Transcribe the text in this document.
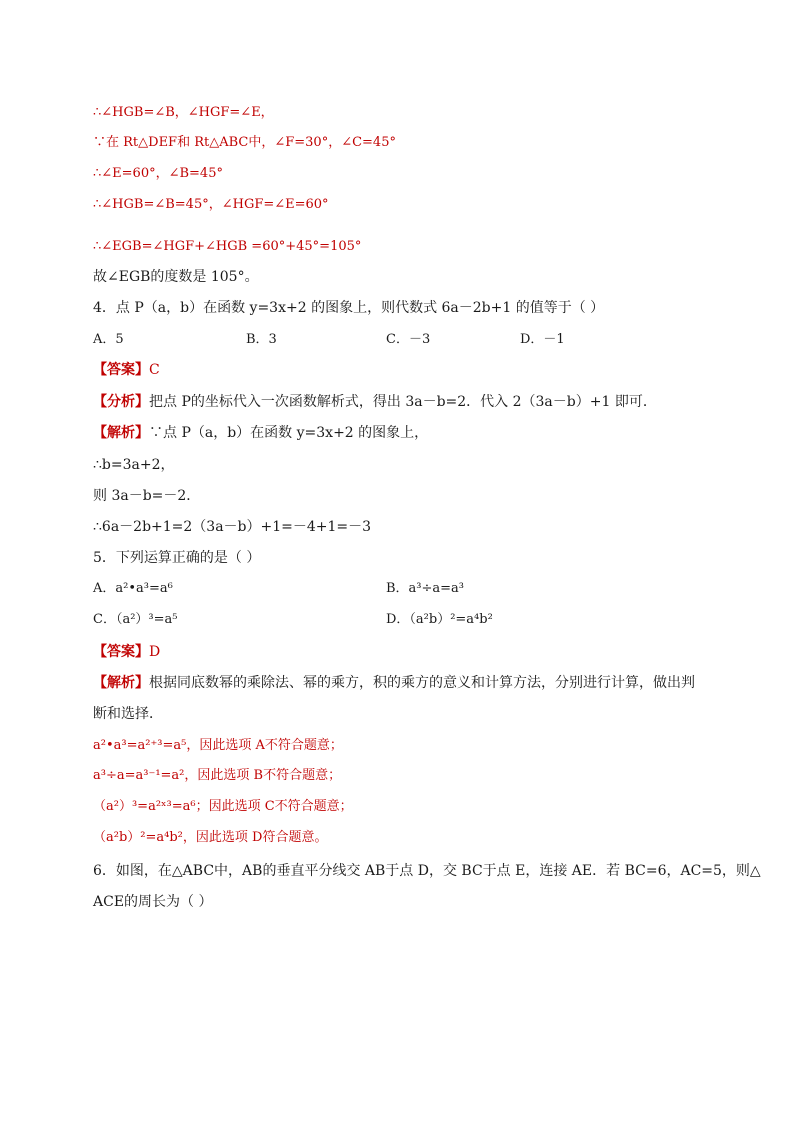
∴∠HGB=∠B，∠HGF=∠E，
∵在 Rt△DEF和 Rt△ABC中，∠F=30°，∠C=45°
∴∠E=60°，∠B=45°
∴∠HGB=∠B=45°，∠HGF=∠E=60°
∴∠EGB=∠HGF+∠HGB =60°+45°=105°
故∠EGB的度数是 105°。
4．点 P（a，b）在函数 y=3x+2 的图象上，则代数式 6a－2b+1 的值等于（ ）
A．5	B．3	C．－3	D．－1
【答案】C
【分析】把点 P的坐标代入一次函数解析式，得出 3a－b=2．代入 2（3a－b）+1 即可．
【解析】∵点 P（a，b）在函数 y=3x+2 的图象上，
∴b=3a+2，
则 3a－b=－2．
∴6a－2b+1=2（3a－b）+1=－4+1=－3
5．下列运算正确的是（ ）
A．a²•a³=a⁶	B．a³÷a=a³
C．（a²）³=a⁵	D．（a²b）²=a⁴b²
【答案】D
【解析】根据同底数幂的乘除法、幂的乘方，积的乘方的意义和计算方法，分别进行计算，做出判
断和选择．
a²•a³=a²⁺³=a⁵，因此选项 A不符合题意；
a³÷a=a³⁻¹=a²，因此选项 B不符合题意；
（a²）³=a²ˣ³=a⁶；因此选项 C不符合题意；
（a²b）²=a⁴b²，因此选项 D符合题意。
6．如图，在△ABC中，AB的垂直平分线交 AB于点 D，交 BC于点 E，连接 AE．若 BC=6，AC=5，则△
ACE的周长为（ ）
